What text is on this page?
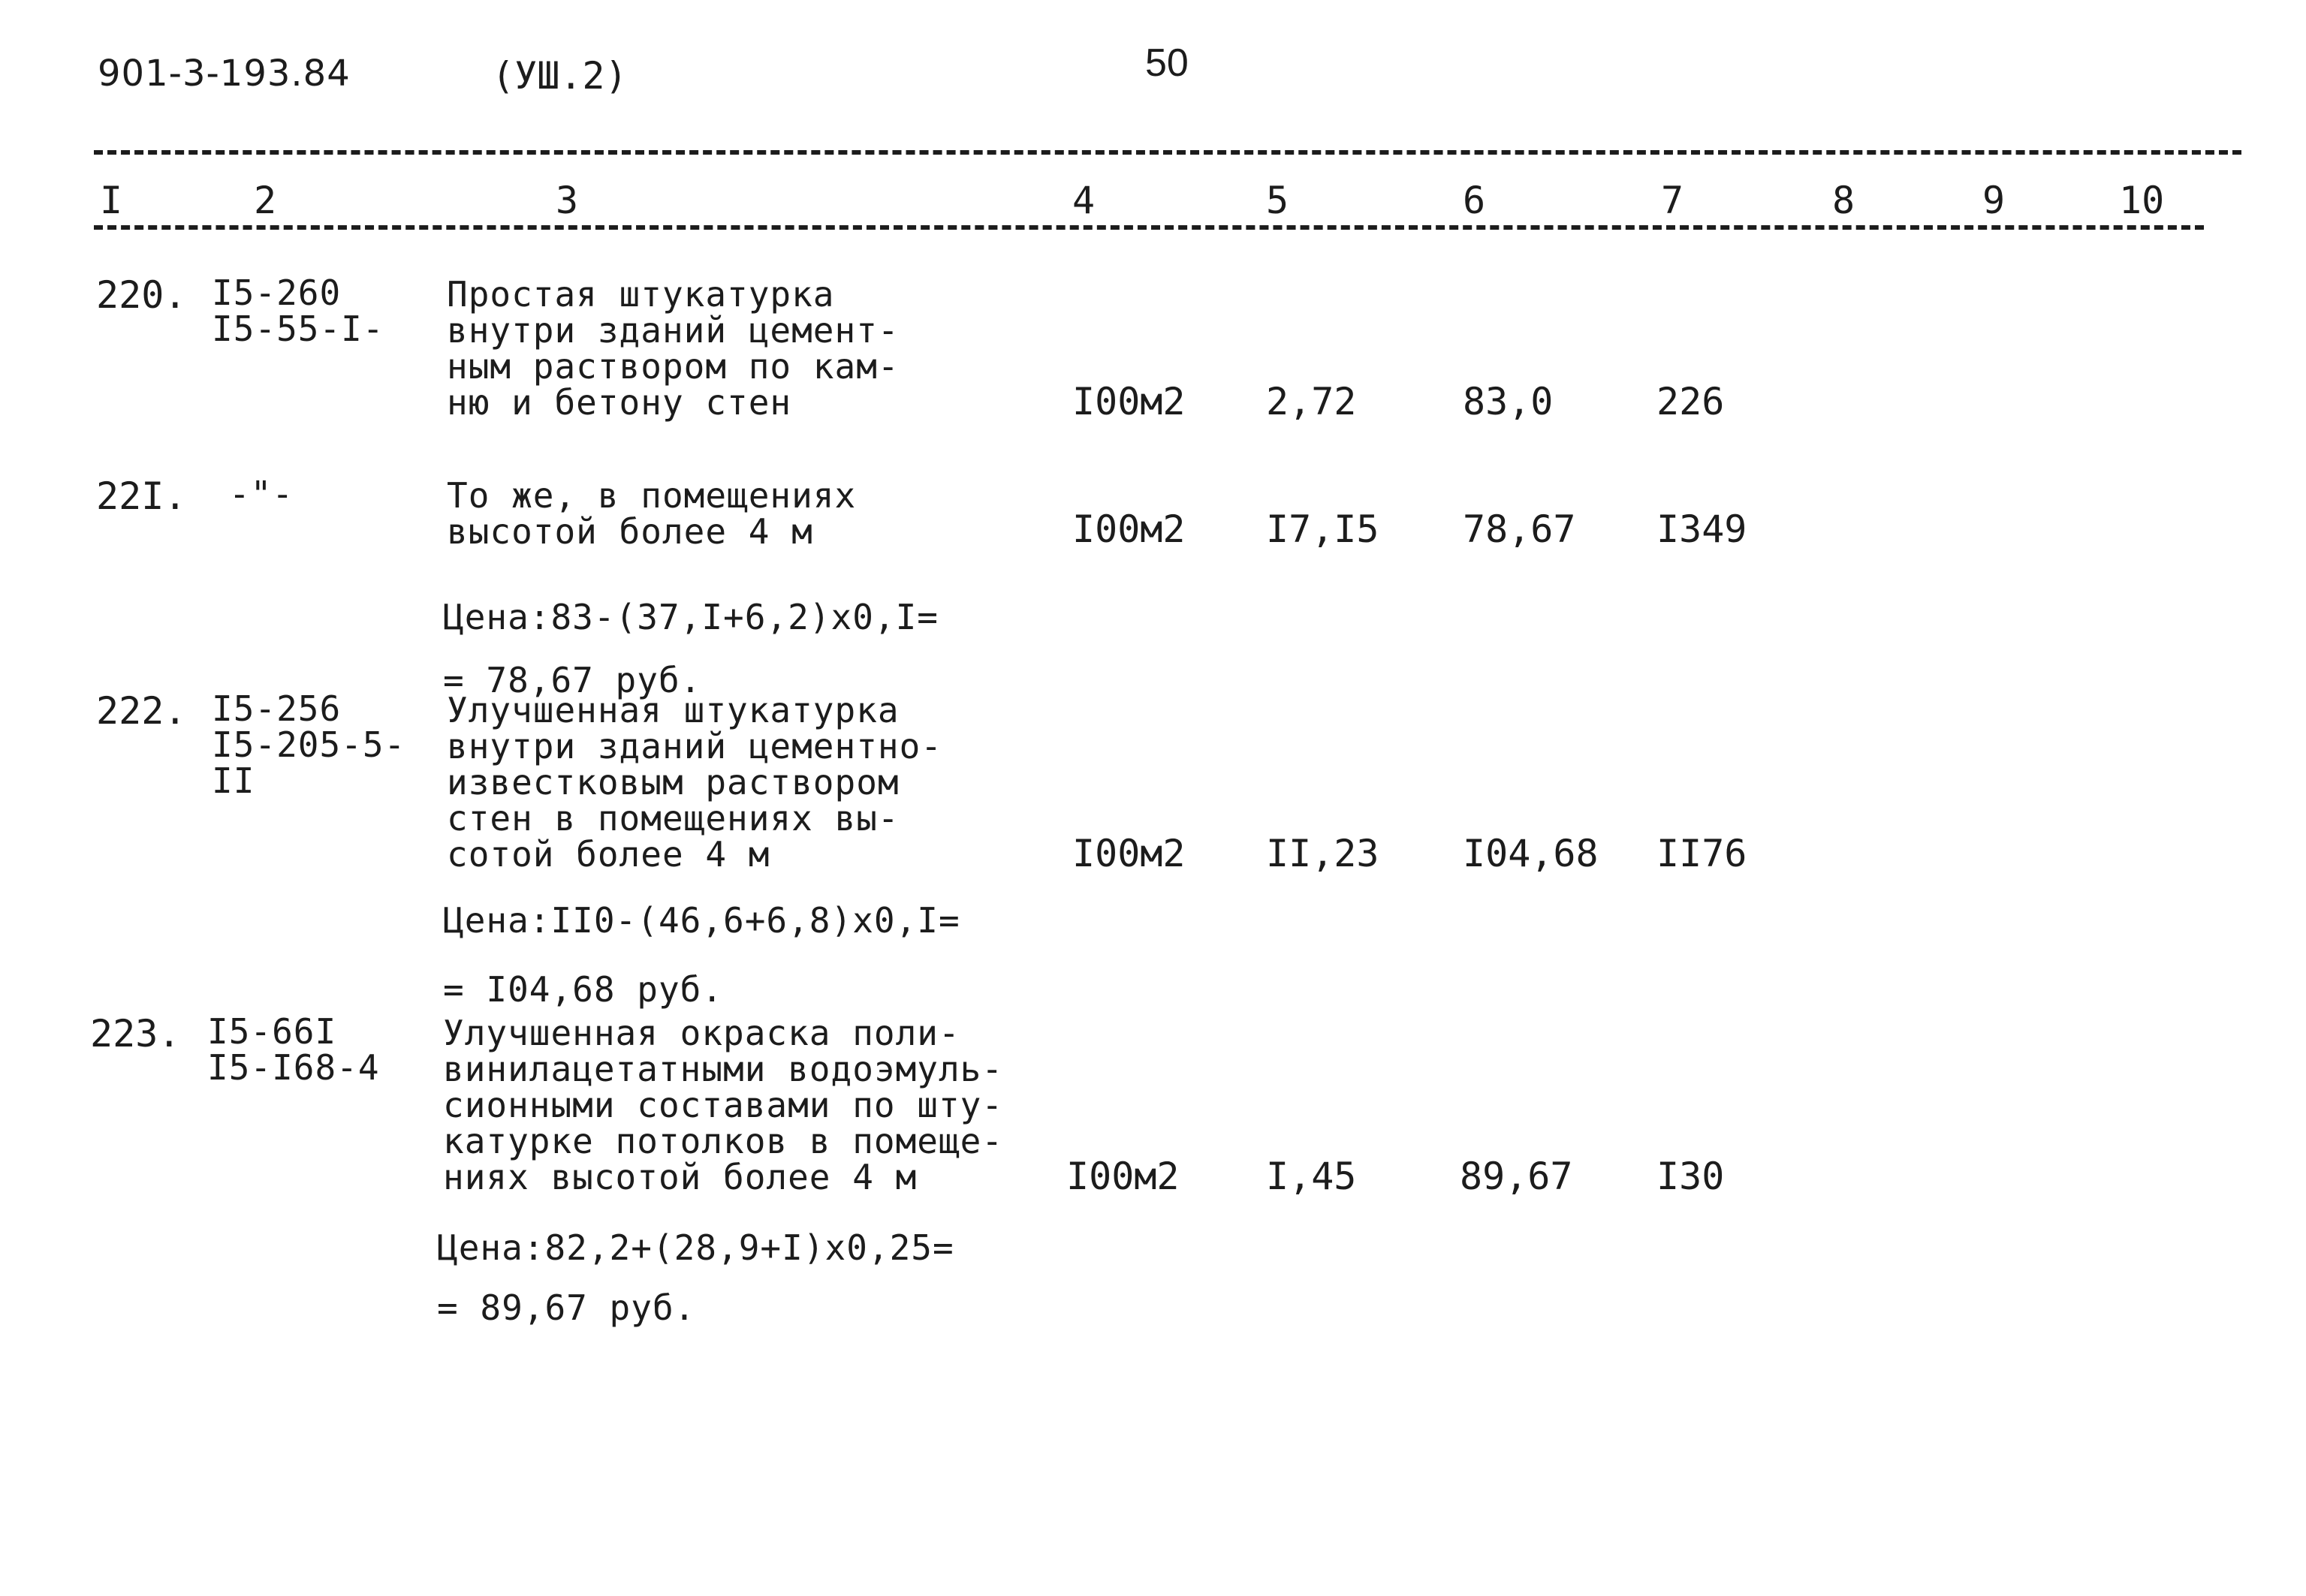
901-3-193.84	(УШ.2)	50
I	2	3	4	5	6	7	8	9	10
220. I5-260
I5-55-I-
Простая штукатурка
внутри зданий цемент-
ным раствором по кам-
ню и бетону стен	I00м2 2,72	83,0	226
22I. -"-	То же, в помещениях
высотой более 4 м	I00м2 I7,I5 78,67 I349
Цена:83-(37,I+6,2)x0,I=
= 78,67 руб.
222. I5-256
I5-205-5-
II
Улучшенная штукатурка
внутри зданий цементно-
известковым раствором
стен в помещениях вы-
сотой более 4 м	I00м2 II,23 I04,68 II76
Цена:II0-(46,6+6,8)x0,I=
= I04,68 руб.
223. I5-66I
I5-I68-4
Улучшенная окраска поли-
винилацетатными водоэмуль-
сионными составами по шту-
катурке потолков в помеще-
ниях высотой более 4 м	I00м2 I,45	89,67 I30
Цена:82,2+(28,9+I)x0,25=
= 89,67 руб.
